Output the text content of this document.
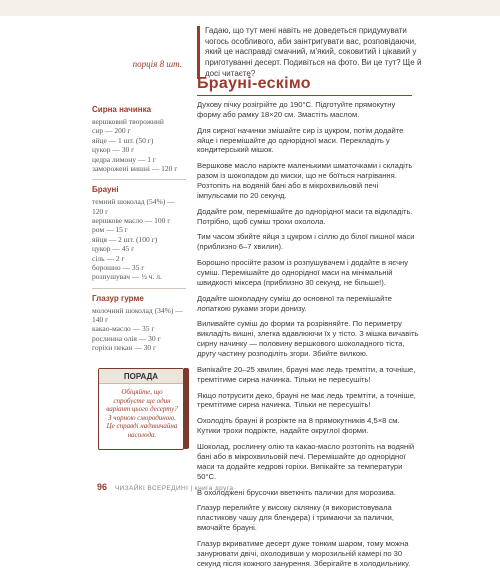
порція 8 шт.
Гадаю, що тут мені навіть не доведеться придумувати чогось особливого, аби заінтригувати вас, розповідаючи, який це насправді смачний, м’який, соковитий і цікавий у приготуванні десерт. Подивіться на фото. Ви це тут? Ще й досі читаєте?
Брауні-ескімо
Сирна начинка
вершковий творожний
сир — 200 г
яйце — 1 шт. (50 г)
цукор — 30 г
цедра лимону — 1 г
заморожені вишні — 120 г
Брауні
темний шоколад (54%) — 120 г
вершкове масло — 100 г
ром — 15 г
яйця — 2 шт. (100 г)
цукор — 45 г
сіль — 2 г
борошно — 35 г
розпушувач — ½ ч. л.
Глазур гурме
молочний шоколад (34%) — 140 г
какао-масло — 35 г
рослинна олія — 30 г
горіхи пекан — 30 г

Духову пічку розігрійте до 190°С. Підготуйте прямокутну форму або рамку 18×20 см. Змастіть маслом.

Для сирної начинки змішайте сир із цукром, потім додайте яйце і перемішайте до однорідної маси. Перекладіть у кондитерський мішок.

Вершкове масло наріжте маленькими шматочками і складіть разом із шоколадом до миски, що не боїться нагрівання. Розтопіть на водяній бані або в мікрохвильовій печі імпульсами по 20 секунд.

Додайте ром, перемішайте до однорідної маси та відкладіть. Потрібно, щоб суміш трохи охолола.

Тим часом збийте яйця з цукром і сіллю до білої пишної маси (приблизно 6–7 хвилин).

Борошно просійте разом із розпушувачем і додайте в яєчну суміш. Перемішайте до однорідної маси на мінімальній швидкості міксера (приблизно 30 секунд, не більше!).

Додайте шоколадну суміш до основної та перемішайте лопаткою руками згори донизу.

Виливайте суміш до форми та розрівняйте. По периметру викладіть вишні, злегка вдавлюючи їх у тісто. З мішка вичавіть сирну начинку — половину вершкового шоколадного тіста, другу частину розподіліть згори. Збийте вилкою.

Випікайте 20–25 хвилин, брауні має ледь тремтіти, а точніше, тремтітиме сирна начинка. Тільки не пересушіть!

Якщо потрусити деко, брауні не має ледь тремтіти, а точніше, тремтітиме сирна начинка. Тільки не пересушіть!

Охолодіть брауні й розріжте на 8 прямокутників 4,5×8 см. Кутики трохи подріжте, надайте округлої форми.

Шоколад, рослинну олію та какао-масло розтопіть на водяній бані або в мікрохвильовій печі. Перемішайте до однорідної маси та додайте кедрові горіхи. Випікайте за температури 50°С.

В охолоджені брусочки вветкніть палички для морозива.

Глазур перелийте у високу склянку (я використовувала пластикову чашу для блендера) і тримаючи за палички, вмочайте брауні.

Глазур вкриватиме десерт дуже тонким шаром, тому можна занурювати двічі, охолодивши у морозильній камері по 30 секунд після кожного занурення. Зберігайте в холодильнику.

ПОРАДА
Обіцяйте, що спробуєте ще один варіант цього десерту? З чорною смородиною. Це справді надзвичайна насолода.
96 ЧИЗАЙКІ ВСЕРЕДИНІ | книга друга
